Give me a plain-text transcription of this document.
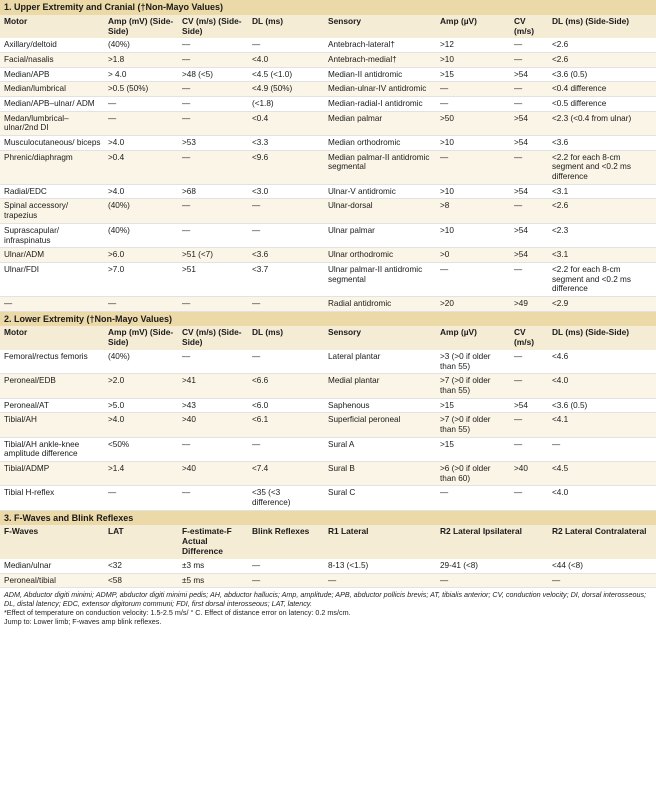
1. Upper Extremity and Cranial (†Non-Mayo Values)							
Motor	Amp (mV) (Side-Side)	CV (m/s) (Side-Side)	DL (ms)	Sensory	Amp (µV)	CV (m/s)	DL (ms) (Side-Side)
Axillary/deltoid	(40%)	—	—	Antebrach-lateral†	>12	—	<2.6
Facial/nasalis	>1.8	—	<4.0	Antebrach-medial†	>10	—	<2.6
Median/APB	> 4.0	>48 (<5)	<4.5 (<1.0)	Median-II antidromic	>15	>54	<3.6 (0.5)
Median/lumbrical	>0.5 (50%)	—	<4.9 (50%)	Median-ulnar-IV antidromic	—	—	<0.4 difference
Median/APB–ulnar/ ADM	—	—	(<1.8)	Median-radial-I antidromic	—	—	<0.5 difference
Medan/lumbrical– ulnar/2nd DI	—	—	<0.4	Median palmar	>50	>54	<2.3 (<0.4 from ulnar)
Musculocutaneous/ biceps	>4.0	>53	<3.3	Median orthodromic	>10	>54	<3.6
Phrenic/diaphragm	>0.4	—	<9.6	Median palmar-II antidromic segmental	—	—	<2.2 for each 8-cm segment and <0.2 ms difference
Radial/EDC	>4.0	>68	<3.0	Ulnar-V antidromic	>10	>54	<3.1
Spinal accessory/ trapezius	(40%)	—	—	Ulnar-dorsal	>8	—	<2.6
Suprascapular/ infraspinatus	(40%)	—	—	Ulnar palmar	>10	>54	<2.3
Ulnar/ADM	>6.0	>51 (<7)	<3.6	Ulnar orthodromic	>0	>54	<3.1
Ulnar/FDI	>7.0	>51	<3.7	Ulnar palmar-II antidromic segmental	—	—	<2.2 for each 8-cm segment and <0.2 ms difference
—	—	—	—	Radial antidromic	>20	>49	<2.9
2. Lower Extremity (†Non-Mayo Values)							
Motor	Amp (mV) (Side-Side)	CV (m/s) (Side-Side)	DL (ms)	Sensory	Amp (µV)	CV (m/s)	DL (ms) (Side-Side)
Femoral/rectus femoris	(40%)	—	—	Lateral plantar	>3 (>0 if older than 55)	—	<4.6
Peroneal/EDB	>2.0	>41	<6.6	Medial plantar	>7 (>0 if older than 55)	—	<4.0
Peroneal/AT	>5.0	>43	<6.0	Saphenous	>15	>54	<3.6 (0.5)
Tibial/AH	>4.0	>40	<6.1	Superficial peroneal	>7 (>0 if older than 55)	—	<4.1
Tibial/AH ankle-knee amplitude difference	<50%	—	—	Sural A	>15	—	—
Tibial/ADMP	>1.4	>40	<7.4	Sural B	>6 (>0 if older than 60)	>40	<4.5
Tibial H-reflex	—	—	<35 (<3 difference)	Sural C	—	—	<4.0
3. F-Waves and Blink Reflexes							
F-Waves	LAT	F-estimate-F Actual Difference	Blink Reflexes	R1 Lateral	R2 Lateral Ipsilateral		R2 Lateral Contralateral
Median/ulnar	<32	±3 ms	—	8-13 (<1.5)	29-41 (<8)		<44 (<8)
Peroneal/tibial	<58	±5 ms	—	—	—		—
ADM, Abductor digiti minimi; ADMP, abductor digiti minimi pedis; AH, abductor hallucis; Amp, amplitude; APB, abductor pollicis brevis; AT, tibialis anterior; CV, conduction velocity; DI, dorsal interosseous; DL, distal latency; EDC, extensor digitorum communi; FDI, first dorsal interosseous; LAT, latency.
*Effect of temperature on conduction velocity: 1.5-2.5 m/s/ ° C. Effect of distance error on latency: 0.2 ms/cm.
Jump to: Lower limb; F-waves amp blink reflexes.
